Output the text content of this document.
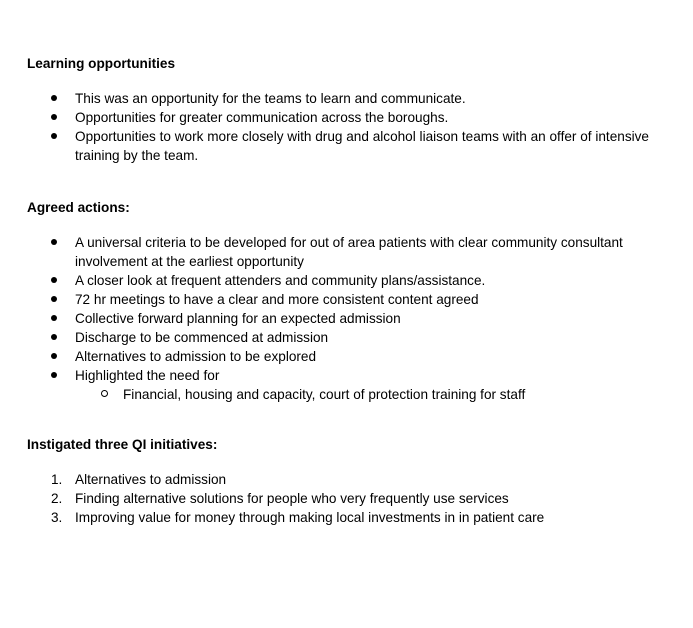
Learning opportunities
This was an opportunity for the teams to learn and communicate.
Opportunities for greater communication across the boroughs.
Opportunities to work more closely with drug and alcohol liaison teams with an offer of intensive training by the team.
Agreed actions:
A universal criteria to be developed for out of area patients with clear community consultant involvement at the earliest opportunity
A closer look at frequent attenders and community plans/assistance.
72 hr meetings to have a clear and more consistent content agreed
Collective forward planning for an expected admission
Discharge to be commenced at admission
Alternatives to admission to be explored
Highlighted the need for
Financial, housing and capacity, court of protection training for staff
Instigated three QI initiatives:
1. Alternatives to admission
2. Finding alternative solutions for people who very frequently use services
3. Improving value for money through making local investments in in patient care
